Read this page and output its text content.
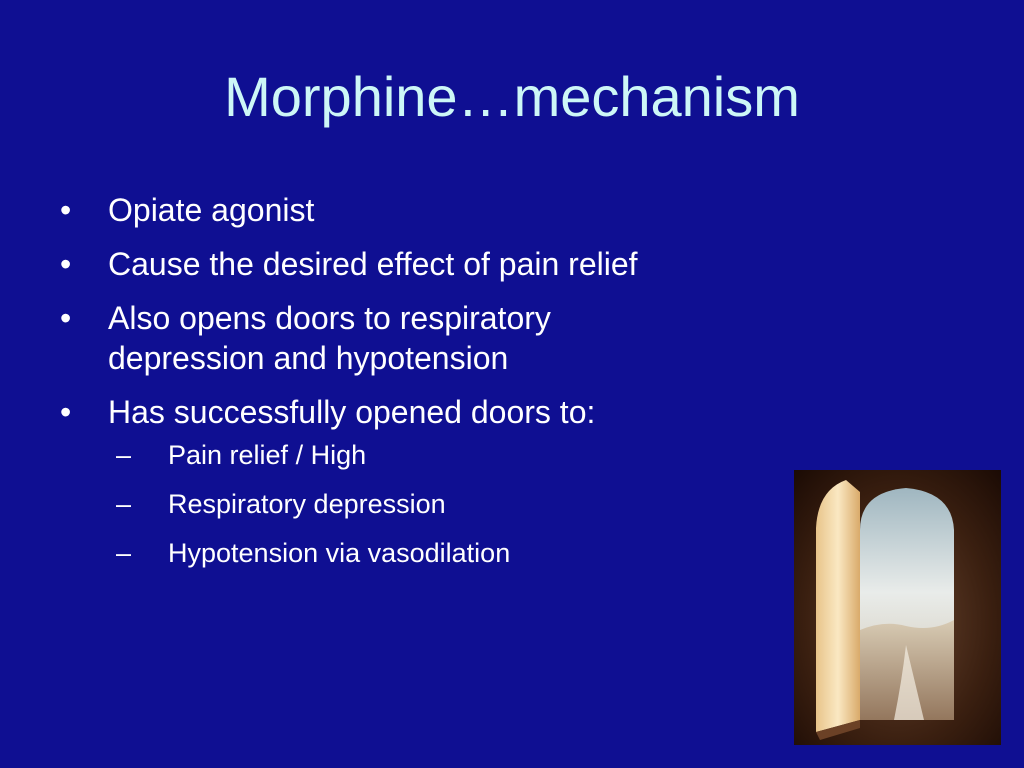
Morphine…mechanism
• Opiate agonist
• Cause the desired effect of pain relief
• Also opens doors to respiratory depression and hypotension
• Has successfully opened doors to:
– Pain relief / High
– Respiratory depression
– Hypotension via vasodilation
